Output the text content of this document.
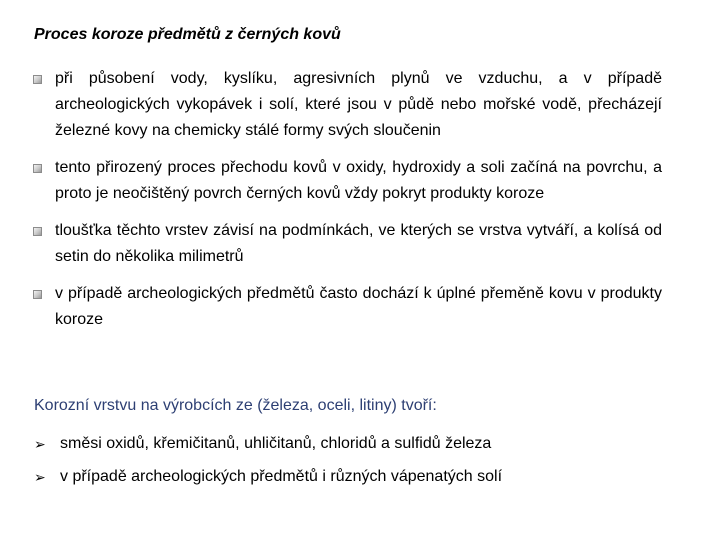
Proces koroze předmětů z černých kovů
při působení vody, kyslíku, agresivních plynů ve vzduchu, a v případě archeologických vykopávek i solí, které jsou v půdě nebo mořské vodě, přecházejí železné kovy na chemicky stálé formy svých sloučenin
tento přirozený proces přechodu kovů v oxidy, hydroxidy a soli začíná na povrchu, a proto je neočištěný povrch černých kovů vždy pokryt produkty koroze
tloušťka těchto vrstev závisí na podmínkách, ve kterých se vrstva vytváří, a kolísá od setin do několika milimetrů
v případě archeologických předmětů často dochází k úplné přeměně kovu v produkty koroze
Korozní vrstvu na výrobcích ze (železa, oceli, litiny) tvoří:
➢ směsi oxidů, křemičitanů, uhličitanů, chloridů a sulfidů železa
➢ v případě archeologických předmětů i různých vápenatých solí
